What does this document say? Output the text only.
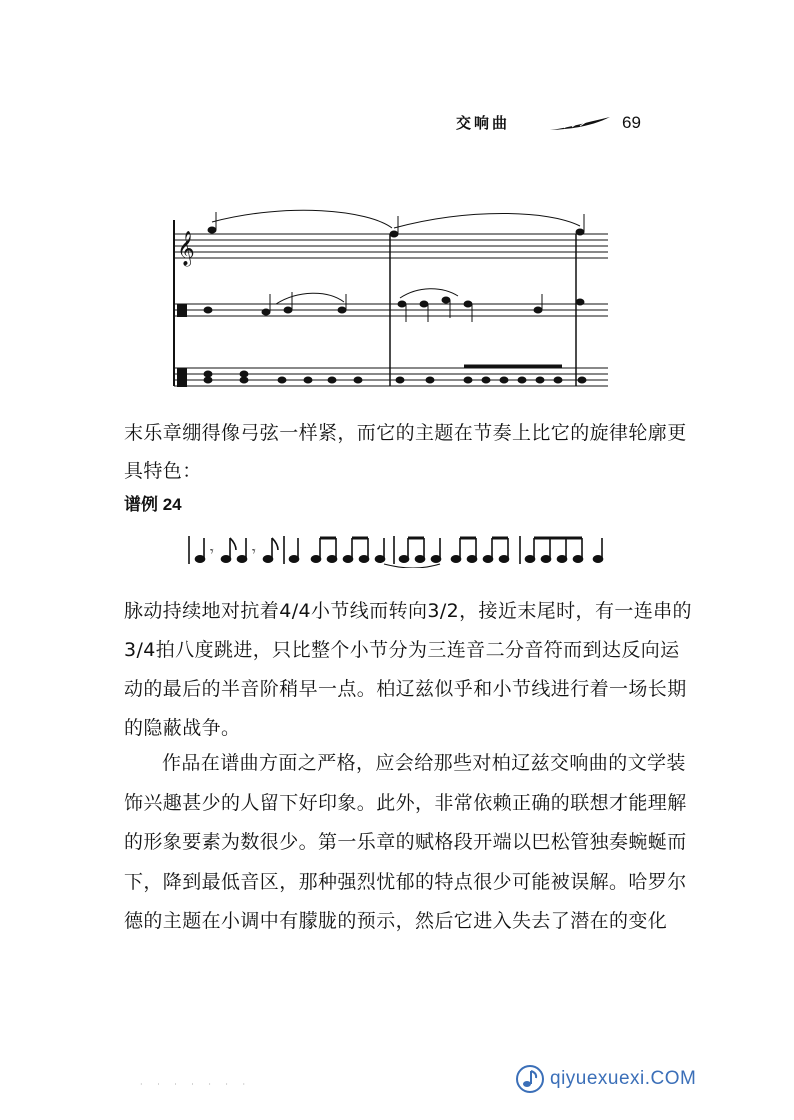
交响曲	69
𝄞
末乐章绷得像弓弦一样紧，而它的主题在节奏上比它的旋律轮廓更具特色：
谱例 24
𝄾	𝄾
脉动持续地对抗着4/4小节线而转向3/2，接近末尾时，有一连串的3/4拍八度跳进，只比整个小节分为三连音二分音符而到达反向运动的最后的半音阶稍早一点。柏辽兹似乎和小节线进行着一场长期的隐蔽战争。
作品在谱曲方面之严格，应会给那些对柏辽兹交响曲的文学装饰兴趣甚少的人留下好印象。此外，非常依赖正确的联想才能理解的形象要素为数很少。第一乐章的赋格段开端以巴松管独奏蜿蜒而下，降到最低音区，那种强烈忧郁的特点很少可能被误解。哈罗尔德的主题在小调中有朦胧的预示，然后它进入失去了潜在的变化
· · · · · · ·	qiyuexuexi.COM
